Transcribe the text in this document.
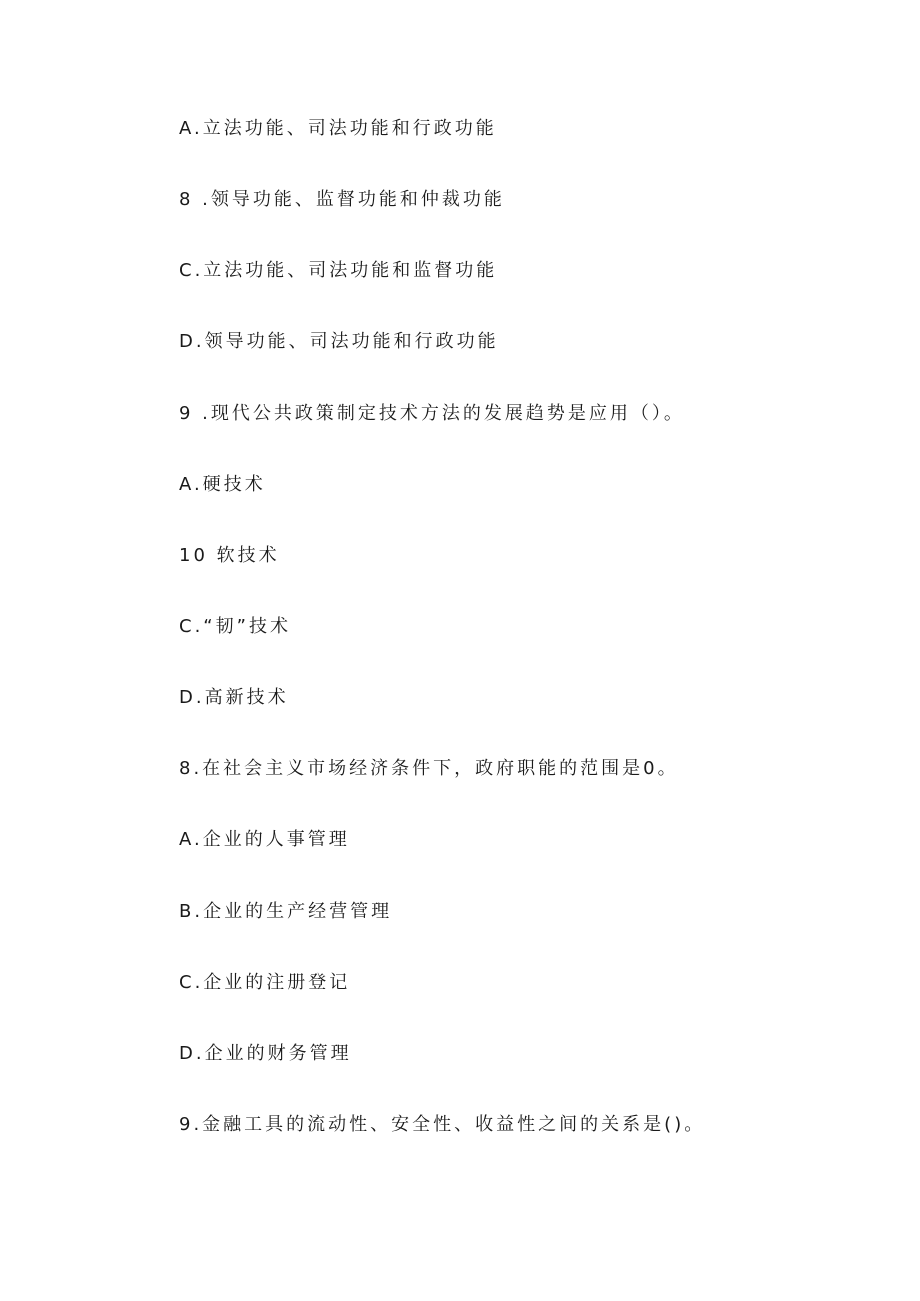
A.立法功能、司法功能和行政功能
8 .领导功能、监督功能和仲裁功能
C.立法功能、司法功能和监督功能
D.领导功能、司法功能和行政功能
9 .现代公共政策制定技术方法的发展趋势是应用（）。
A.硬技术
10 软技术
C.“韧”技术
D.高新技术
8.在社会主义市场经济条件下，政府职能的范围是0。
A.企业的人事管理
B.企业的生产经营管理
C.企业的注册登记
D.企业的财务管理
9.金融工具的流动性、安全性、收益性之间的关系是()。
